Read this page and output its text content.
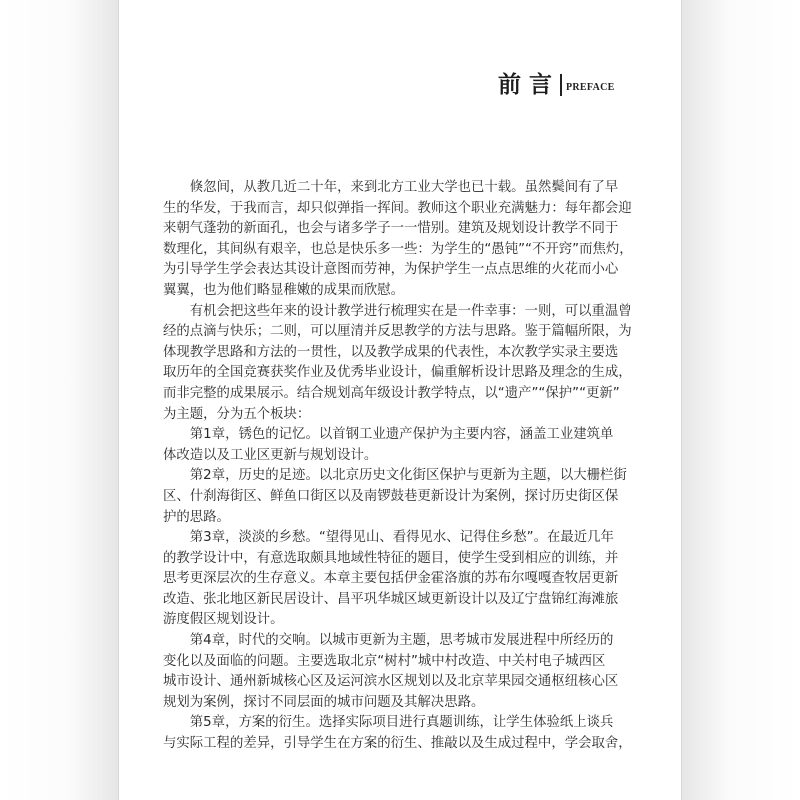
前言 PREFACE
倏忽间，从教几近二十年，来到北方工业大学也已十载。虽然鬓间有了早
生的华发，于我而言，却只似弹指一挥间。教师这个职业充满魅力：每年都会迎
来朝气蓬勃的新面孔，也会与诸多学子一一惜别。建筑及规划设计教学不同于
数理化，其间纵有艰辛，也总是快乐多一些：为学生的“愚钝”“不开窍”而焦灼，
为引导学生学会表达其设计意图而劳神，为保护学生一点点思维的火花而小心
翼翼，也为他们略显稚嫩的成果而欣慰。
有机会把这些年来的设计教学进行梳理实在是一件幸事：一则，可以重温曾
经的点滴与快乐；二则，可以厘清并反思教学的方法与思路。鉴于篇幅所限，为
体现教学思路和方法的一贯性，以及教学成果的代表性，本次教学实录主要选
取历年的全国竞赛获奖作业及优秀毕业设计，偏重解析设计思路及理念的生成，
而非完整的成果展示。结合规划高年级设计教学特点，以“遗产”“保护”“更新”
为主题，分为五个板块：
第1章，锈色的记忆。以首钢工业遗产保护为主要内容，涵盖工业建筑单
体改造以及工业区更新与规划设计。
第2章，历史的足迹。以北京历史文化街区保护与更新为主题，以大栅栏街
区、什刹海街区、鲜鱼口街区以及南锣鼓巷更新设计为案例，探讨历史街区保
护的思路。
第3章，淡淡的乡愁。“望得见山、看得见水、记得住乡愁”。在最近几年
的教学设计中，有意选取颇具地域性特征的题目，使学生受到相应的训练，并
思考更深层次的生存意义。本章主要包括伊金霍洛旗的苏布尔嘎嘎查牧居更新
改造、张北地区新民居设计、昌平巩华城区域更新设计以及辽宁盘锦红海滩旅
游度假区规划设计。
第4章，时代的交响。以城市更新为主题，思考城市发展进程中所经历的
变化以及面临的问题。主要选取北京“树村”城中村改造、中关村电子城西区
城市设计、通州新城核心区及运河滨水区规划以及北京苹果园交通枢纽核心区
规划为案例，探讨不同层面的城市问题及其解决思路。
第5章，方案的衍生。选择实际项目进行真题训练，让学生体验纸上谈兵
与实际工程的差异，引导学生在方案的衍生、推敲以及生成过程中，学会取舍，
